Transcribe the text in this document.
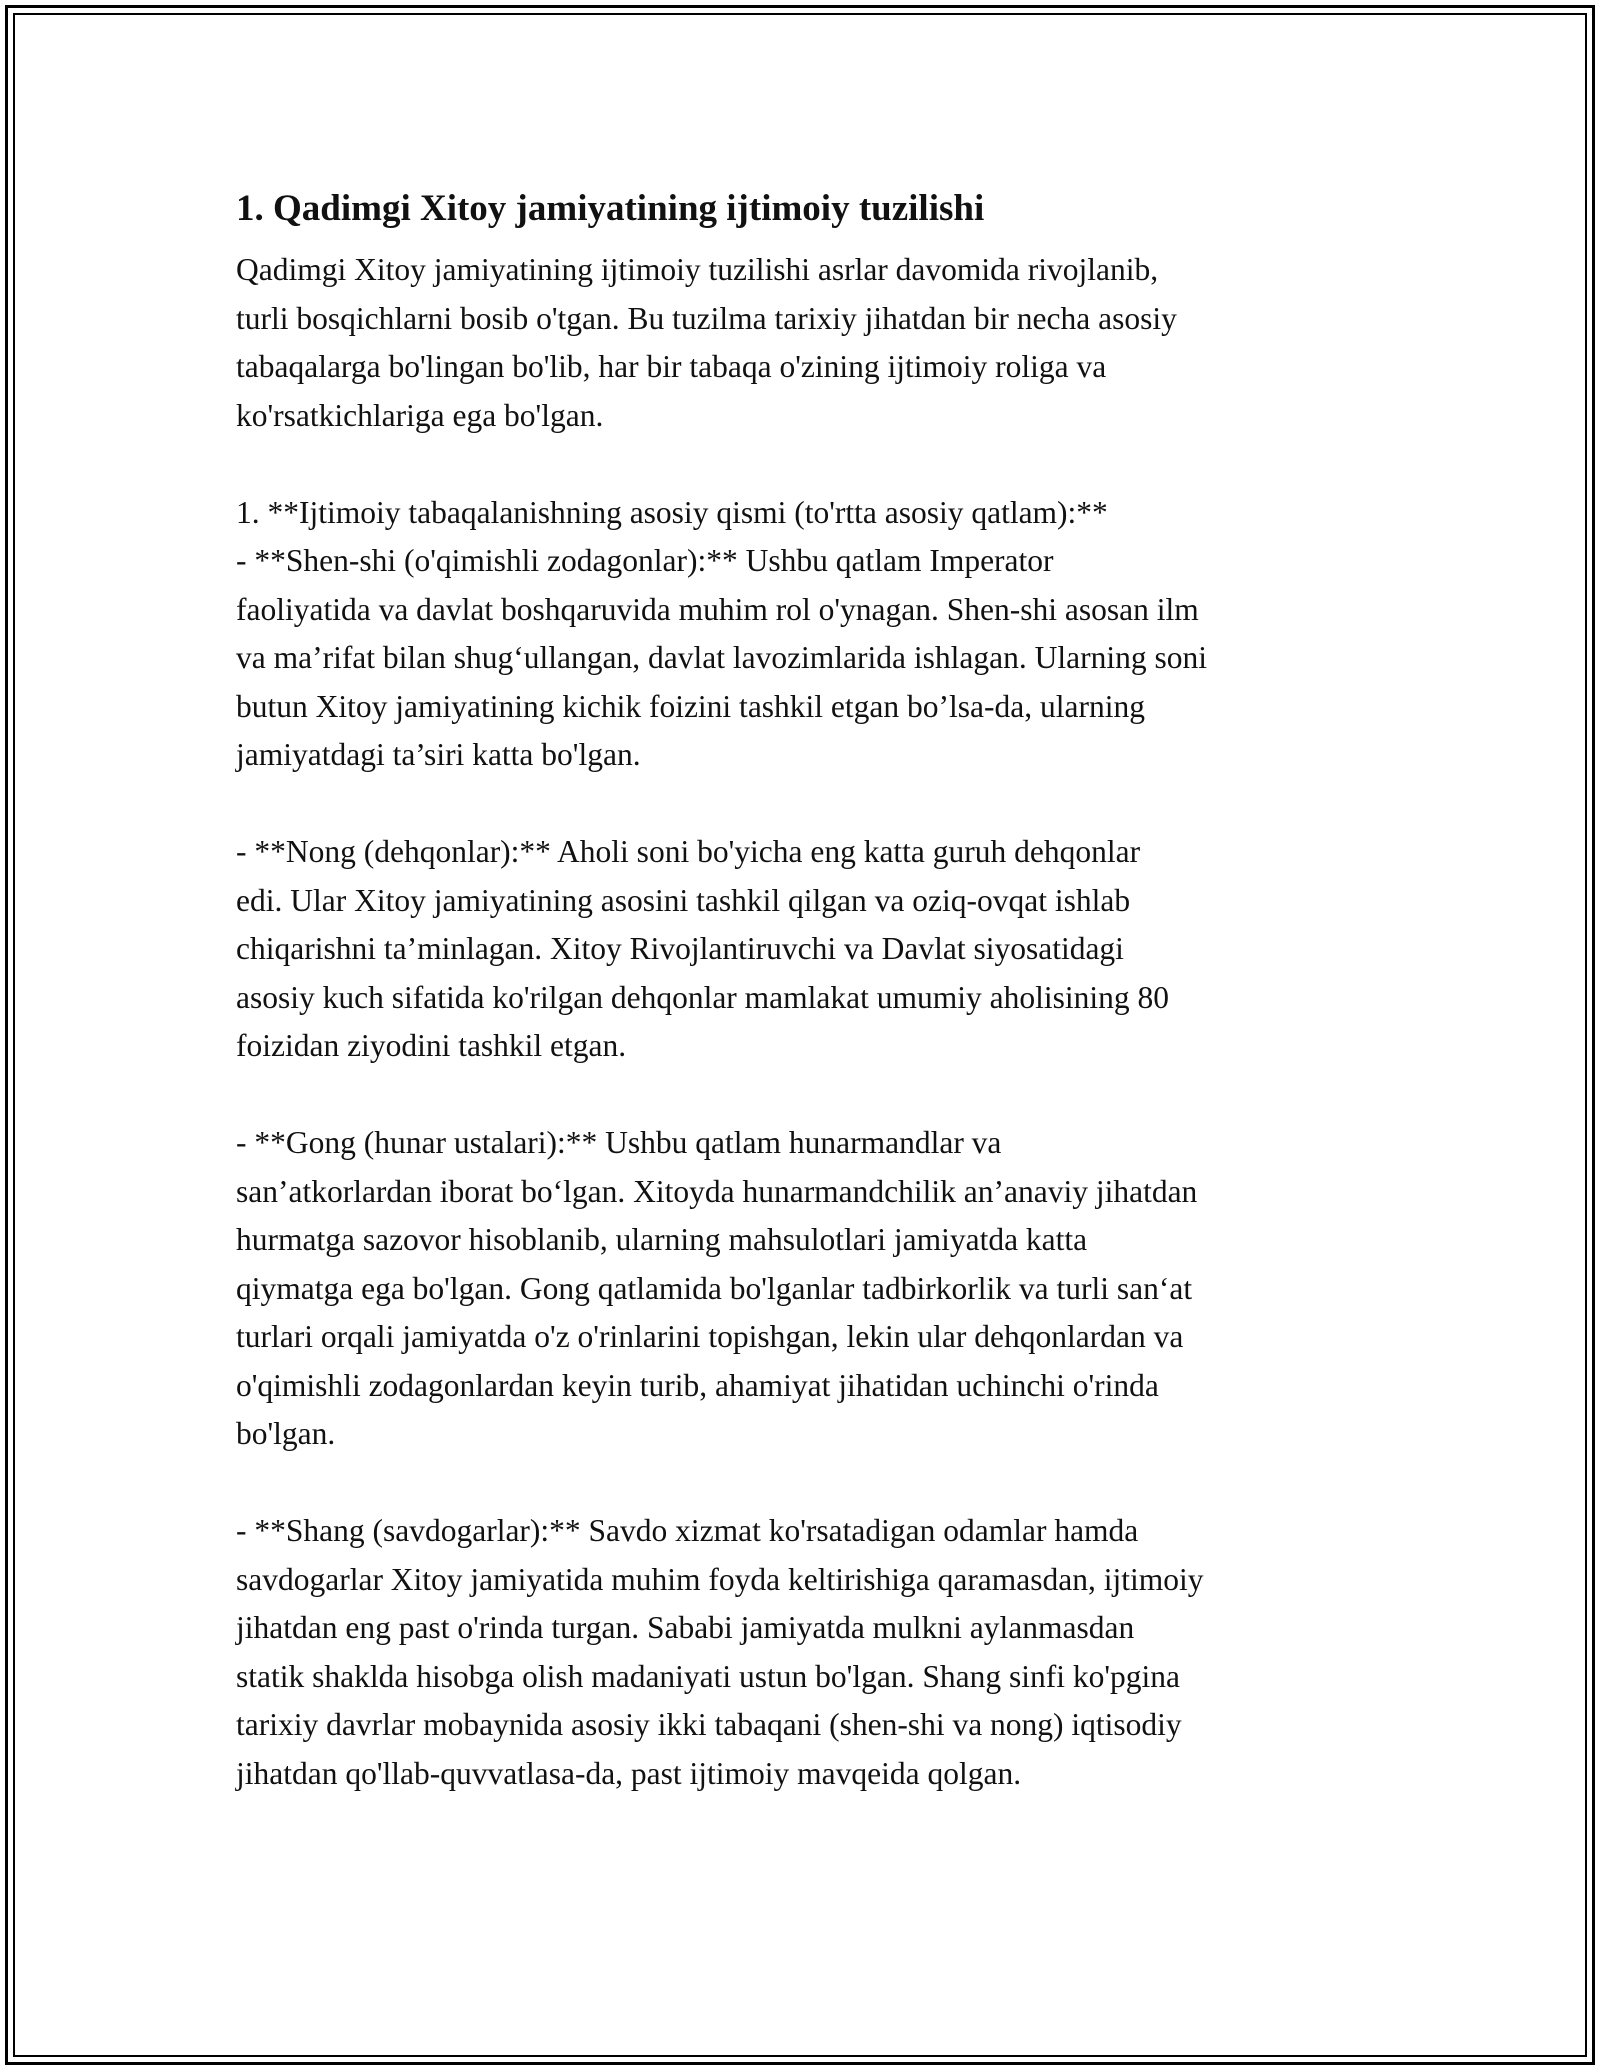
1. Qadimgi Xitoy jamiyatining ijtimoiy tuzilishi

Qadimgi Xitoy jamiyatining ijtimoiy tuzilishi asrlar davomida rivojlanib,
turli bosqichlarni bosib o'tgan. Bu tuzilma tarixiy jihatdan bir necha asosiy
tabaqalarga bo'lingan bo'lib, har bir tabaqa o'zining ijtimoiy roliga va
ko'rsatkichlariga ega bo'lgan.

1. **Ijtimoiy tabaqalanishning asosiy qismi (to'rtta asosiy qatlam):**

- **Shen-shi (o'qimishli zodagonlar):** Ushbu qatlam Imperator
faoliyatida va davlat boshqaruvida muhim rol o'ynagan. Shen-shi asosan ilm
va ma’rifat bilan shug‘ullangan, davlat lavozimlarida ishlagan. Ularning soni
butun Xitoy jamiyatining kichik foizini tashkil etgan bo’lsa-da, ularning
jamiyatdagi ta’siri katta bo'lgan.

- **Nong (dehqonlar):** Aholi soni bo'yicha eng katta guruh dehqonlar
edi. Ular Xitoy jamiyatining asosini tashkil qilgan va oziq-ovqat ishlab
chiqarishni ta’minlagan. Xitoy Rivojlantiruvchi va Davlat siyosatidagi
asosiy kuch sifatida ko'rilgan dehqonlar mamlakat umumiy aholisining 80
foizidan ziyodini tashkil etgan.

- **Gong (hunar ustalari):** Ushbu qatlam hunarmandlar va
san’atkorlardan iborat bo‘lgan. Xitoyda hunarmandchilik an’anaviy jihatdan
hurmatga sazovor hisoblanib, ularning mahsulotlari jamiyatda katta
qiymatga ega bo'lgan. Gong qatlamida bo'lganlar tadbirkorlik va turli san‘at
turlari orqali jamiyatda o'z o'rinlarini topishgan, lekin ular dehqonlardan va
o'qimishli zodagonlardan keyin turib, ahamiyat jihatidan uchinchi o'rinda
bo'lgan.

- **Shang (savdogarlar):** Savdo xizmat ko'rsatadigan odamlar hamda
savdogarlar Xitoy jamiyatida muhim foyda keltirishiga qaramasdan, ijtimoiy
jihatdan eng past o'rinda turgan. Sababi jamiyatda mulkni aylanmasdan
statik shaklda hisobga olish madaniyati ustun bo'lgan. Shang sinfi ko'pgina
tarixiy davrlar mobaynida asosiy ikki tabaqani (shen-shi va nong) iqtisodiy
jihatdan qo'llab-quvvatlasa-da, past ijtimoiy mavqeida qolgan.
